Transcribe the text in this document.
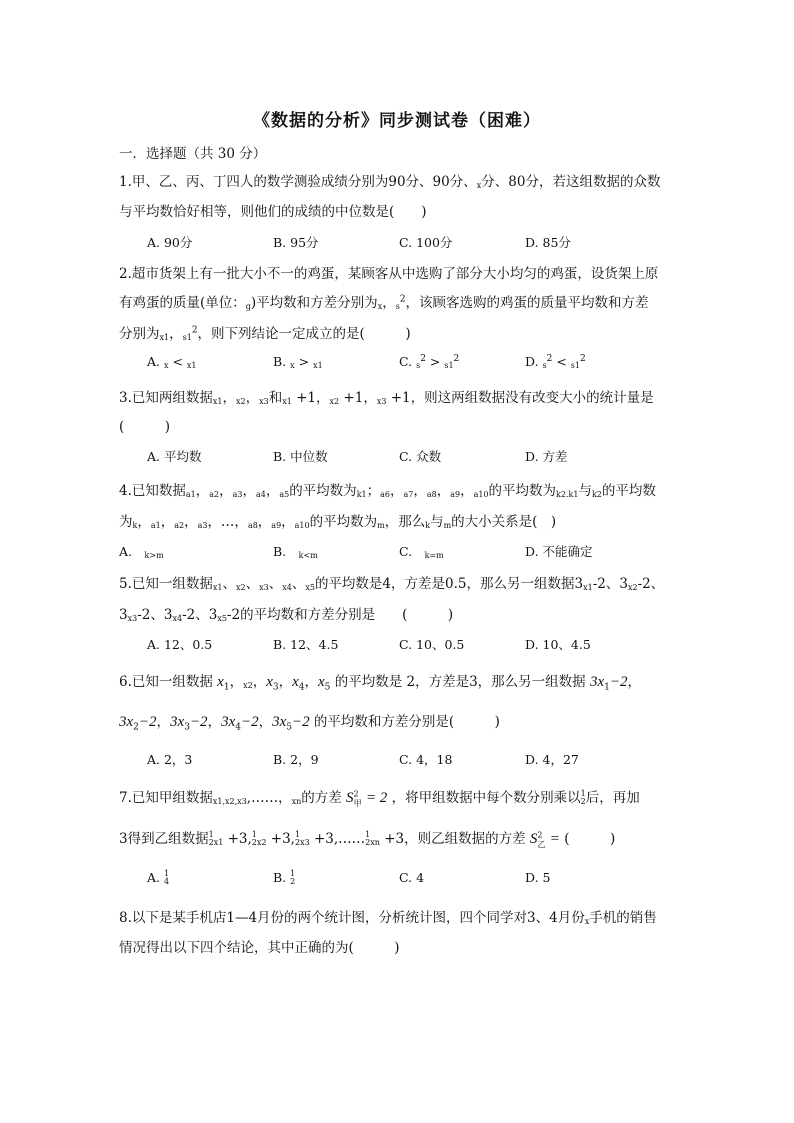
《数据的分析》同步测试卷（困难）
一．选择题（共 30 分）
1.甲、乙、丙、丁四人的数学测验成绩分别为90分、90分、x分、80分，若这组数据的众数
与平均数恰好相等，则他们的成绩的中位数是(　　)
A. 90分	B. 95分	C. 100分	D. 85分
2.超市货架上有一批大小不一的鸡蛋，某顾客从中选购了部分大小均匀的鸡蛋，设货架上原
有鸡蛋的质量(单位：g)平均数和方差分别为x，$s^2$，该顾客选购的鸡蛋的质量平均数和方差
分别为x1，$s1^2$，则下列结论一定成立的是(　　　)
A. x < x1	B. x > x1	C. $s^2 > s1^2$	D. $s^2 < s1^2$
3.已知两组数据x1，x2，x3和x1 +1，x2 +1，x3 +1，则这两组数据没有改变大小的统计量是
(　　　)
A. 平均数	B. 中位数	C. 众数	D. 方差
4.已知数据a1，a2，a3，a4，a5的平均数为k1；a6，a7，a8，a9，a10的平均数为k2.k1与k2的平均数
为k，a1，a2，a3，…，a8，a9，a10的平均数为m，那么k与m的大小关系是(　)
A.　k>m	B.　k<m	C.　k=m	D. 不能确定
5.已知一组数据x1、x2、x3、x4、x5的平均数是4，方差是0.5，那么另一组数据3x1-2、3x2-2、
3x3-2、3x4-2、3x5-2的平均数和方差分别是　　(　　　)
A. 12、0.5	B. 12、4.5	C. 10、0.5	D. 10、4.5
6.已知一组数据 $x_1$，x2，$x_3$，$x_4$，$x_5$ 的平均数是 2，方差是3，那么另一组数据 $3x_1-2$，
$3x_2-2$，$3x_3-2$，$3x_4-2$，$3x_5-2$ 的平均数和方差分别是(　　　)
A. 2，3	B. 2，9	C. 4，18	D. 4，27
7.已知甲组数据x1,x2,x3,……，xn的方差 $S^2_甲 = 2$ ，将甲组数据中每个数分别乘以1
2后，再加
3得到乙组数据1
2x1 +3,1
2x2 +3,1
2x3 +3,……1
2xn +3，则乙组数据的方差 $S^2_乙$ = (　　　)
A. 1
4	B. 1
2	C. 4	D. 5
8.以下是某手机店1—4月份的两个统计图，分析统计图，四个同学对3、4月份x手机的销售
情况得出以下四个结论，其中正确的为(　　　)
